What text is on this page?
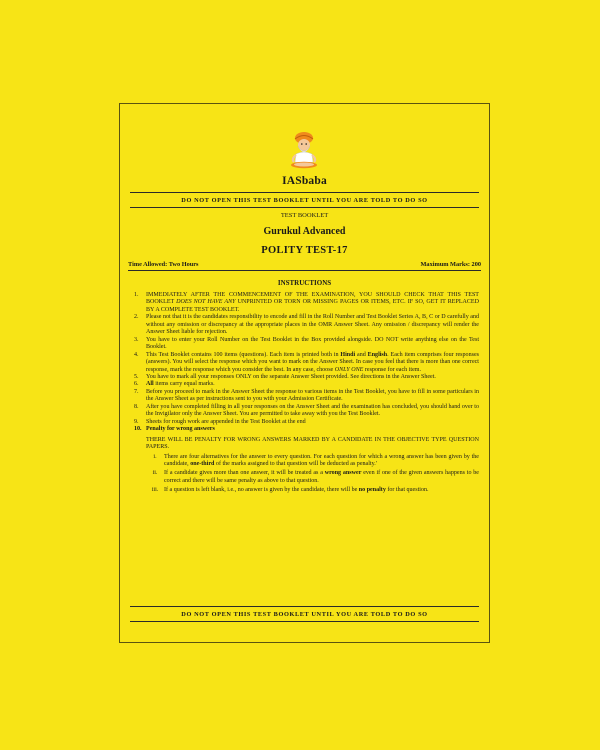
IASbaba
DO NOT OPEN THIS TEST BOOKLET UNTIL YOU ARE TOLD TO DO SO
TEST BOOKLET
Gurukul Advanced
POLITY TEST-17
Time Allowed: Two Hours	Maximum Marks: 200
INSTRUCTIONS
1.	IMMEDIATELY AFTER THE COMMENCEMENT OF THE EXAMINATION, YOU SHOULD CHECK THAT THIS TEST BOOKLET DOES NOT HAVE ANY UNPRINTED OR TORN OR MISSING PAGES OR ITEMS, ETC. IF SO, GET IT REPLACED BY A COMPLETE TEST BOOKLET.
2.	Please not that it is the candidates responsibility to encode and fill in the Roll Number and Test Booklet Series A, B, C or D carefully and without any omission or discrepancy at the appropriate places in the OMR Answer Sheet. Any omission / discrepancy will render the Answer Sheet liable for rejection.
3.	You have to enter your Roll Number on the Test Booklet in the Box provided alongside. DO NOT write anything else on the Test Booklet.
4.	This Test Booklet contains 100 items (questions). Each item is printed both in Hindi and English. Each item comprises four responses (answers). You will select the response which you want to mark on the Answer Sheet. In case you feel that there is more than one correct response, mark the response which you consider the best. In any case, choose ONLY ONE response for each item.
5.	You have to mark all your responses ONLY on the separate Answer Sheet provided. See directions in the Answer Sheet.
6.	All items carry equal marks.
7.	Before you proceed to mark in the Answer Sheet the response to various items in the Test Booklet, you have to fill in some particulars in the Answer Sheet as per instructions sent to you with your Admission Certificate.
8.	After you have completed filling in all your responses on the Answer Sheet and the examination has concluded, you should hand over to the Invigilator only the Answer Sheet. You are permitted to take away with you the Test Booklet.
9.	Sheets for rough work are appended in the Test Booklet at the end
10. Penalty for wrong answers
THERE WILL BE PENALTY FOR WRONG ANSWERS MARKED BY A CANDIDATE IN THE OBJECTIVE TYPE QUESTION PAPERS.
i.	There are four alternatives for the answer to every question. For each question for which a wrong answer has been given by the candidate, one-third of the marks assigned to that question will be deducted as penalty.'
ii.	If a candidate gives more than one answer, it will be treated as a wrong answer even if one of the given answers happens to be correct and there will be same penalty as above to that question.
iii. If a question is left blank, i.e., no answer is given by the candidate, there will be no penalty for that question.
DO NOT OPEN THIS TEST BOOKLET UNTIL YOU ARE TOLD TO DO SO
